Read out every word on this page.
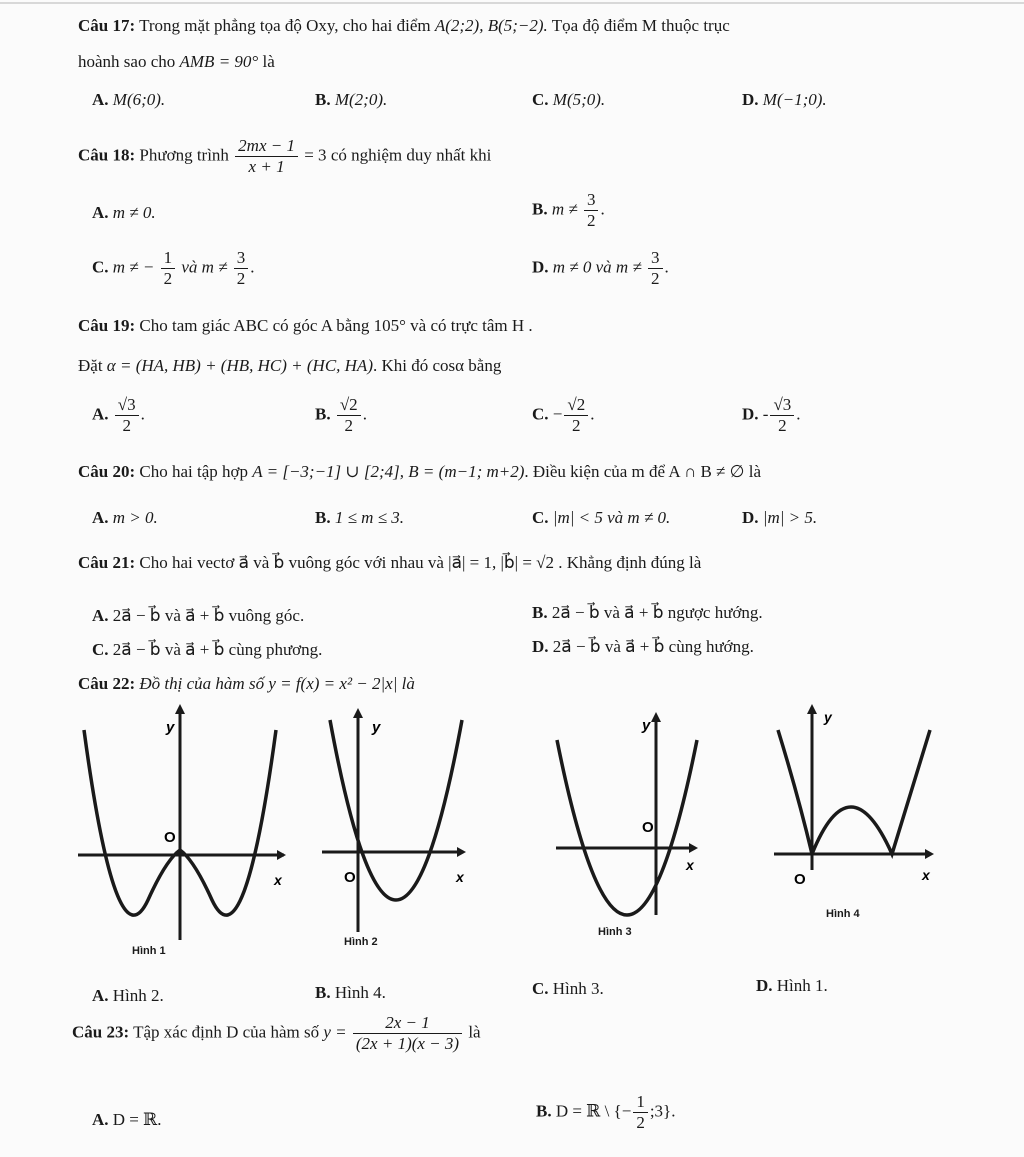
Câu 17: Trong mặt phẳng tọa độ Oxy, cho hai điểm A(2;2), B(5;−2). Tọa độ điểm M thuộc trục
hoành sao cho AMB = 90° là
A. M(6;0).	B. M(2;0).	C. M(5;0).	D. M(−1;0).
Câu 18: Phương trình $\frac{2mx - 1}{x + 1} = 3$ có nghiệm duy nhất khi
A. m ≠ 0.	B. $m \ne \frac{3}{2}$ .
C. m ≠ − $\frac{1}{2}$ và $m \ne \frac{3}{2}$ .	D. m ≠ 0 và $m \ne \frac{3}{2}$ .
Câu 19: Cho tam giác ABC có góc A bằng 105° và có trực tâm H .
Đặt α = (HA, HB) + (HB, HC) + (HC, HA). Khi đó cosα bằng
A. $\frac{√3}{2}$ .	B. $\frac{√2}{2}$ .	C. − $\frac{√2}{2}$ .	D. - $\frac{√3}{2}$ .
Câu 20: Cho hai tập hợp A = [−3;−1] ∪ [2;4], B = (m−1; m+2). Điều kiện của m để A ∩ B ≠ ∅ là
A. m > 0.	B. 1 ≤ m ≤ 3.	C. |m| < 5 và m ≠ 0.	D. |m| > 5.
Câu 21: Cho hai vectơ a⃗ và b⃗ vuông góc với nhau và |a⃗| = 1, |b⃗| = √2 . Khẳng định đúng là
A. 2a⃗ − b⃗ và a⃗ + b⃗ vuông góc.	B. 2a⃗ − b⃗ và a⃗ + b⃗ ngược hướng.
C. 2a⃗ − b⃗ và a⃗ + b⃗ cùng phương.	D. 2a⃗ − b⃗ và a⃗ + b⃗ cùng hướng.
Câu 22: Đồ thị của hàm số y = f(x) = x² − 2|x| là
y
O
x
Hình 1
y
O	x
Hình 2
y
O
x
Hình 3
y
O	x
Hình 4
A. Hình 2.	B. Hình 4.	C. Hình 3.	D. Hình 1.
Câu 23: Tập xác định D của hàm số $y = \frac{2x - 1}{(2x + 1)(x - 3)}$ là
A. D = ℝ.	B. D = ℝ \ {− $\frac{1}{2}$ ;3}.
